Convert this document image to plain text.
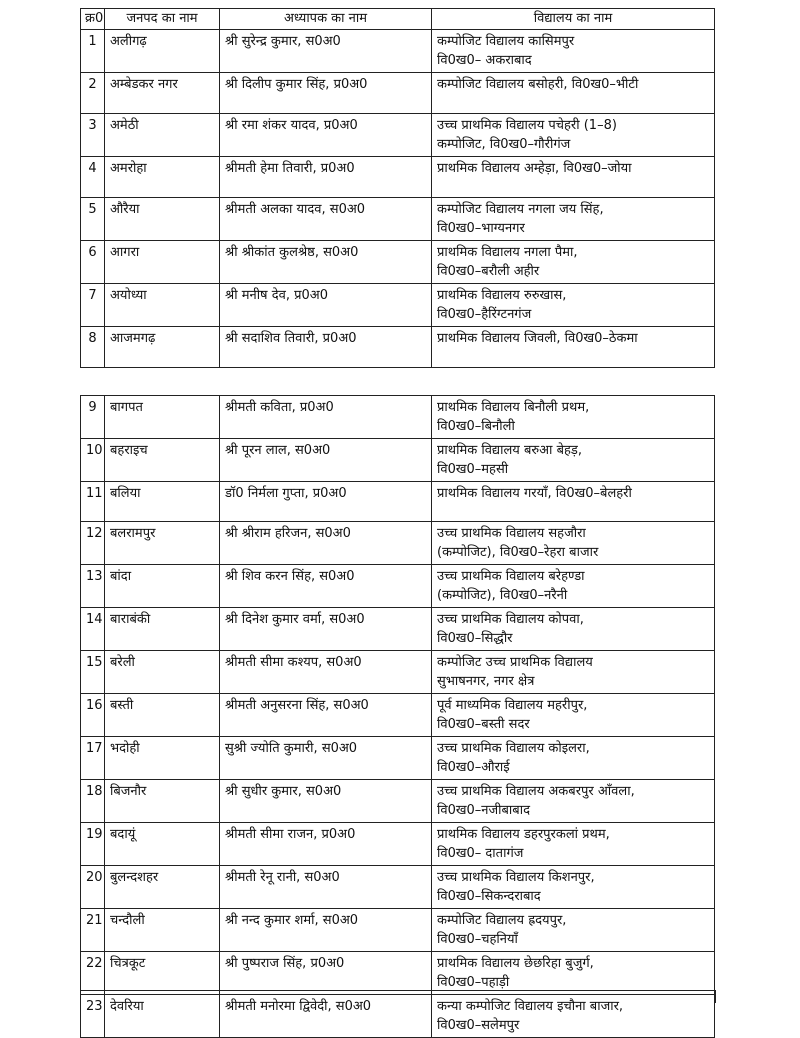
क्र0	जनपद का नाम	अध्यापक का नाम	विद्यालय का नाम
1	अलीगढ़	श्री सुरेन्द्र कुमार, स0अ0	कम्पोजिट विद्यालय कासिमपुर
वि0ख0– अकराबाद
2	अम्बेडकर नगर	श्री दिलीप कुमार सिंह, प्र0अ0	कम्पोजिट विद्यालय बसोहरी, वि0ख0–भीटी
3	अमेठी	श्री रमा शंकर यादव, प्र0अ0	उच्च प्राथमिक विद्यालय पचेहरी (1–8)
कम्पोजिट, वि0ख0–गौरीगंज
4	अमरोहा	श्रीमती हेमा तिवारी, प्र0अ0	प्राथमिक विद्यालय अम्हेड़ा, वि0ख0–जोया
5	औरैया	श्रीमती अलका यादव, स0अ0	कम्पोजिट विद्यालय नगला जय सिंह,
वि0ख0–भाग्यनगर
6	आगरा	श्री श्रीकांत कुलश्रेष्ठ, स0अ0	प्राथमिक विद्यालय नगला पैमा,
वि0ख0–बरौली अहीर
7	अयोध्या	श्री मनीष देव, प्र0अ0	प्राथमिक विद्यालय रुरुखास,
वि0ख0–हैरिंग्टनगंज
8	आजमगढ़	श्री सदाशिव तिवारी, प्र0अ0	प्राथमिक विद्यालय जिवली, वि0ख0–ठेकमा
9	बागपत	श्रीमती कविता, प्र0अ0	प्राथमिक विद्यालय बिनौली प्रथम,
वि0ख0–बिनौली
10	बहराइच	श्री पूरन लाल, स0अ0	प्राथमिक विद्यालय बरुआ बेहड़,
वि0ख0–महसी
11	बलिया	डॉ0 निर्मला गुप्ता, प्र0अ0	प्राथमिक विद्यालय गरयाँ, वि0ख0–बेलहरी
12	बलरामपुर	श्री श्रीराम हरिजन, स0अ0	उच्च प्राथमिक विद्यालय सहजौरा
(कम्पोजिट), वि0ख0–रेहरा बाजार
13	बांदा	श्री शिव करन सिंह, स0अ0	उच्च प्राथमिक विद्यालय बरेहण्डा
(कम्पोजिट), वि0ख0–नरैनी
14	बाराबंकी	श्री दिनेश कुमार वर्मा, स0अ0	उच्च प्राथमिक विद्यालय कोपवा,
वि0ख0–सिद्धौर
15	बरेली	श्रीमती सीमा कश्यप, स0अ0	कम्पोजिट उच्च प्राथमिक विद्यालय
सुभाषनगर, नगर क्षेत्र
16	बस्ती	श्रीमती अनुसरना सिंह, स0अ0	पूर्व माध्यमिक विद्यालय महरीपुर,
वि0ख0–बस्ती सदर
17	भदोही	सुश्री ज्योति कुमारी, स0अ0	उच्च प्राथमिक विद्यालय कोइलरा,
वि0ख0–औराई
18	बिजनौर	श्री सुधीर कुमार, स0अ0	उच्च प्राथमिक विद्यालय अकबरपुर आँवला,
वि0ख0–नजीबाबाद
19	बदायूं	श्रीमती सीमा राजन, प्र0अ0	प्राथमिक विद्यालय डहरपुरकलां प्रथम,
वि0ख0– दातागंज
20	बुलन्दशहर	श्रीमती रेनू रानी, स0अ0	उच्च प्राथमिक विद्यालय किशनपुर,
वि0ख0–सिकन्दराबाद
21	चन्दौली	श्री नन्द कुमार शर्मा, स0अ0	कम्पोजिट विद्यालय ह्रदयपुर,
वि0ख0–चहनियाँ
22	चित्रकूट	श्री पुष्पराज सिंह, प्र0अ0	प्राथमिक विद्यालय छेछरिहा बुजुर्ग,
वि0ख0–पहाड़ी
23	देवरिया	श्रीमती मनोरमा द्विवेदी, स0अ0	कन्या कम्पोजिट विद्यालय इचौना बाजार,
वि0ख0–सलेमपुर
